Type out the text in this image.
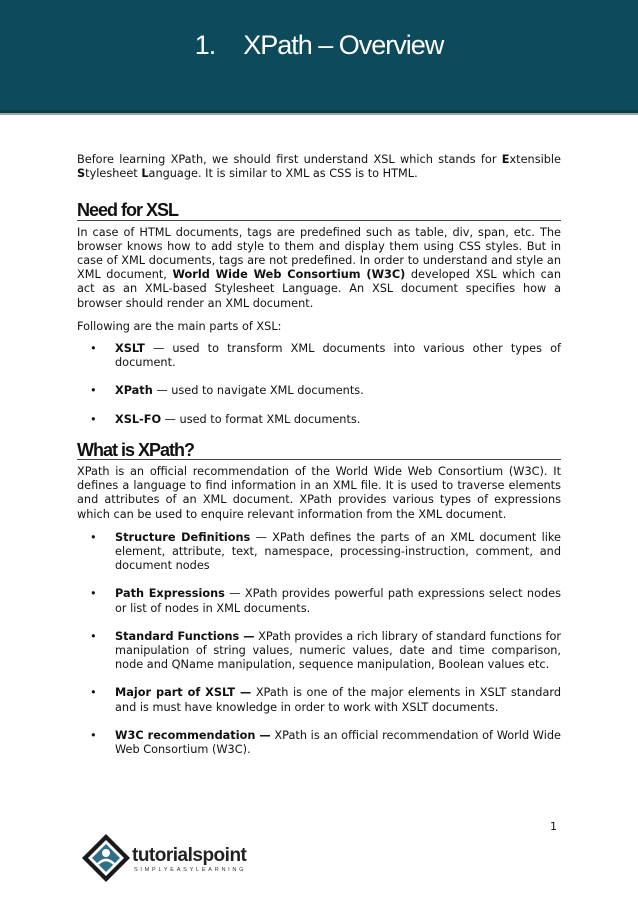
1. XPath – Overview

Before learning XPath, we should first understand XSL which stands for Extensible Stylesheet Language. It is similar to XML as CSS is to HTML.

Need for XSL

In case of HTML documents, tags are predefined such as table, div, span, etc. The browser knows how to add style to them and display them using CSS styles. But in case of XML documents, tags are not predefined. In order to understand and style an XML document, World Wide Web Consortium (W3C) developed XSL which can act as an XML-based Stylesheet Language. An XSL document specifies how a browser should render an XML document.

Following are the main parts of XSL:

• XSLT — used to transform XML documents into various other types of document.
• XPath — used to navigate XML documents.
• XSL-FO — used to format XML documents.
What is XPath?

XPath is an official recommendation of the World Wide Web Consortium (W3C). It defines a language to find information in an XML file. It is used to traverse elements and attributes of an XML document. XPath provides various types of expressions which can be used to enquire relevant information from the XML document.

• Structure Definitions — XPath defines the parts of an XML document like element, attribute, text, namespace, processing-instruction, comment, and document nodes
• Path Expressions — XPath provides powerful path expressions select nodes or list of nodes in XML documents.
• Standard Functions — XPath provides a rich library of standard functions for manipulation of string values, numeric values, date and time comparison, node and QName manipulation, sequence manipulation, Boolean values etc.
• Major part of XSLT — XPath is one of the major elements in XSLT standard and is must have knowledge in order to work with XSLT documents.
• W3C recommendation — XPath is an official recommendation of World Wide Web Consortium (W3C).
1
tutorialspoint
SIMPLYEASYLEARNING
